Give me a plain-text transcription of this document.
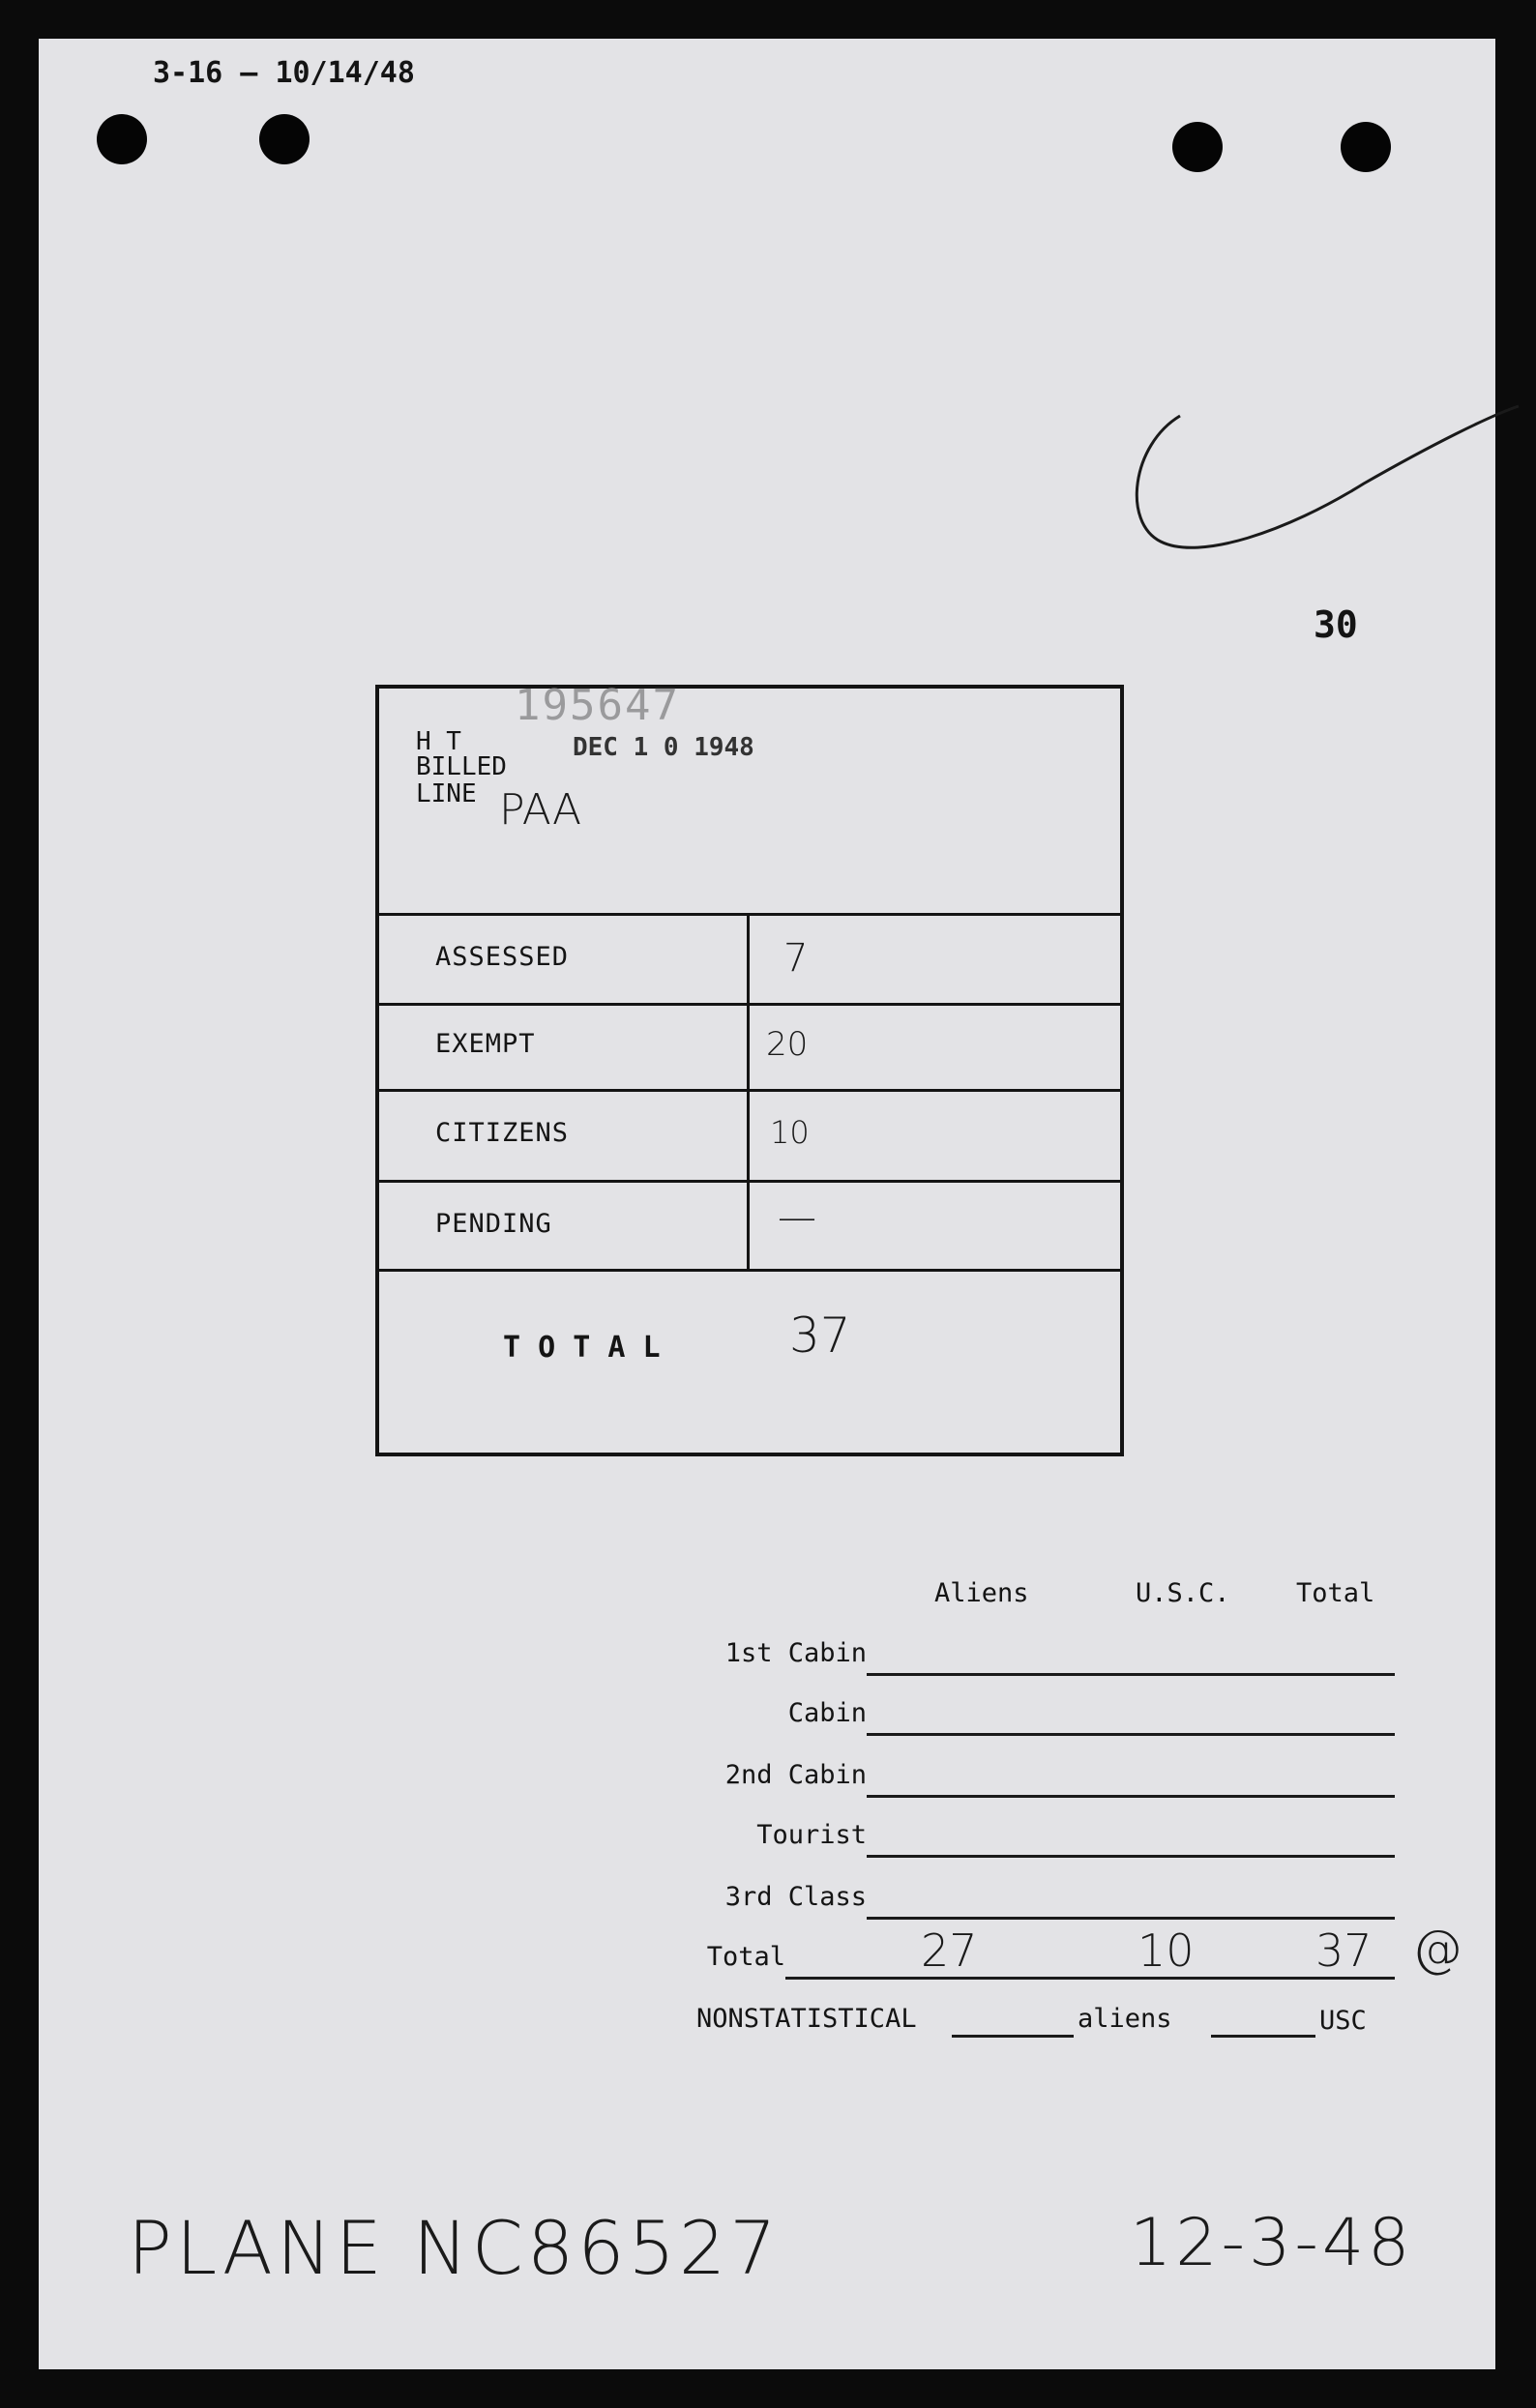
3-16 — 10/14/48
30
195647
DEC 1 0 1948
H T
BILLED
LINE PAA
ASSESSED	7
EXEMPT	20
CITIZENS	10
PENDING	—
T O T A L	37
Aliens	U.S.C.	Total
1st Cabin
Cabin
2nd Cabin
Tourist
3rd Class
Total	27	10	37 @
NONSTATISTICAL	aliens	USC
PLANE NC86527	12-3-48
